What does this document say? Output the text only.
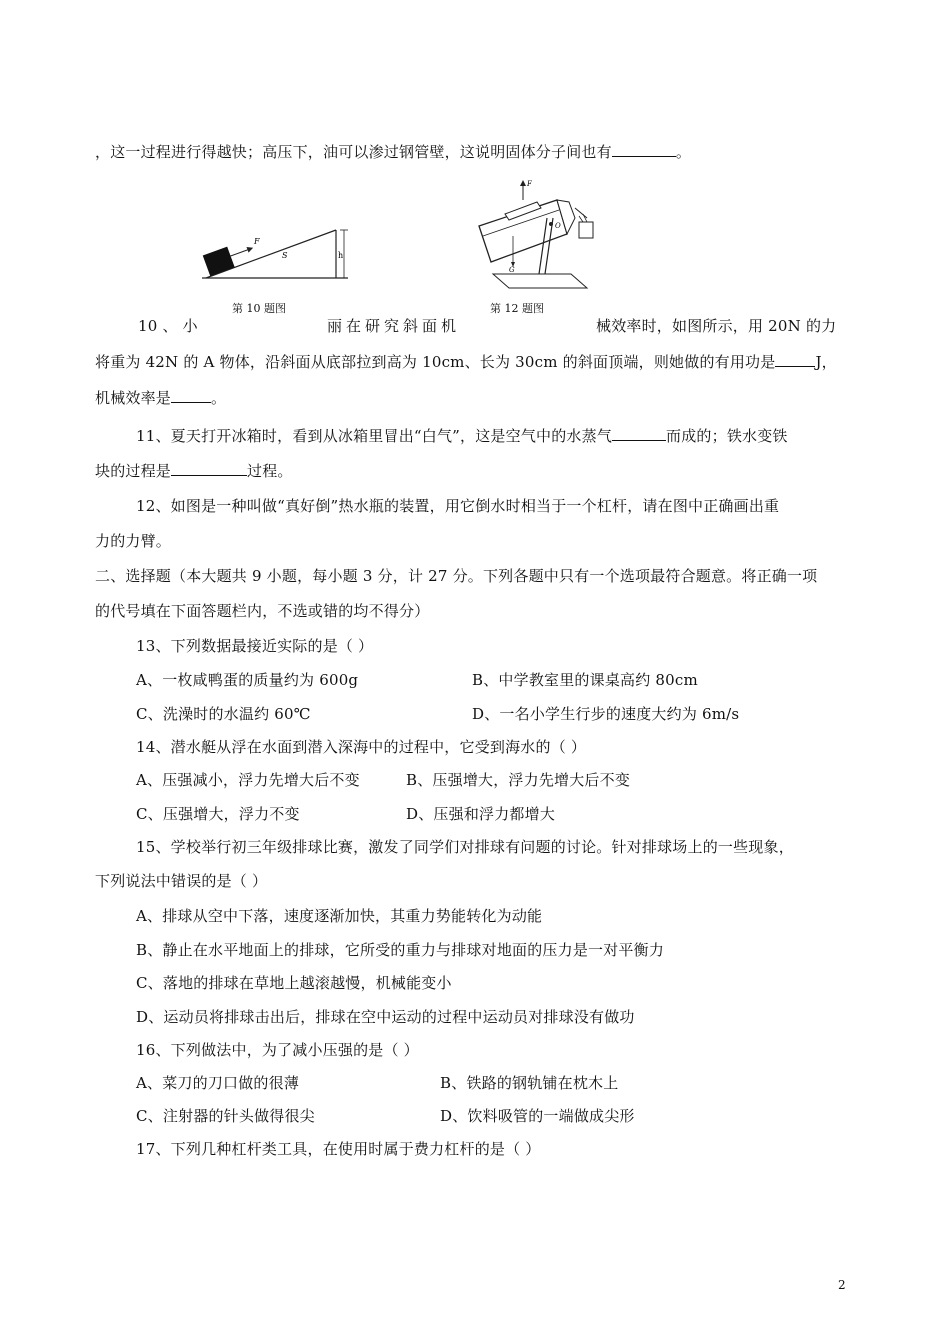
，这一过程进行得越快；高压下，油可以渗过钢管壁，这说明固体分子间也有	。
F
S	h
第 10 题图
F
O
G
第 12 题图
10 、 小	丽在研究斜面机	械效率时，如图所示，用 20N 的力
将重为 42N 的 A 物体，沿斜面从底部拉到高为 10cm、长为 30cm 的斜面顶端，则她做的有用功是	J，
机械效率是	。
11、夏天打开冰箱时，看到从冰箱里冒出“白气”，这是空气中的水蒸气	而成的；铁水变铁
块的过程是	过程。
12、如图是一种叫做“真好倒”热水瓶的装置，用它倒水时相当于一个杠杆，请在图中正确画出重
力的力臂。
二、选择题（本大题共 9 小题，每小题 3 分，计 27 分。下列各题中只有一个选项最符合题意。将正确一项
的代号填在下面答题栏内，不选或错的均不得分）
13、下列数据最接近实际的是（ ）
A、一枚咸鸭蛋的质量约为 600g	B、中学教室里的课桌高约 80cm
C、洗澡时的水温约 60℃	D、一名小学生行步的速度大约为 6m/s
14、潜水艇从浮在水面到潜入深海中的过程中，它受到海水的（ ）
A、压强减小，浮力先增大后不变	B、压强增大，浮力先增大后不变
C、压强增大，浮力不变	D、压强和浮力都增大
15、学校举行初三年级排球比赛，激发了同学们对排球有问题的讨论。针对排球场上的一些现象，
下列说法中错误的是（ ）
A、排球从空中下落，速度逐渐加快，其重力势能转化为动能
B、静止在水平地面上的排球，它所受的重力与排球对地面的压力是一对平衡力
C、落地的排球在草地上越滚越慢，机械能变小
D、运动员将排球击出后，排球在空中运动的过程中运动员对排球没有做功
16、下列做法中，为了减小压强的是（ ）
A、菜刀的刀口做的很薄	B、铁路的钢轨铺在枕木上
C、注射器的针头做得很尖	D、饮料吸管的一端做成尖形
17、下列几种杠杆类工具，在使用时属于费力杠杆的是（ ）
2
